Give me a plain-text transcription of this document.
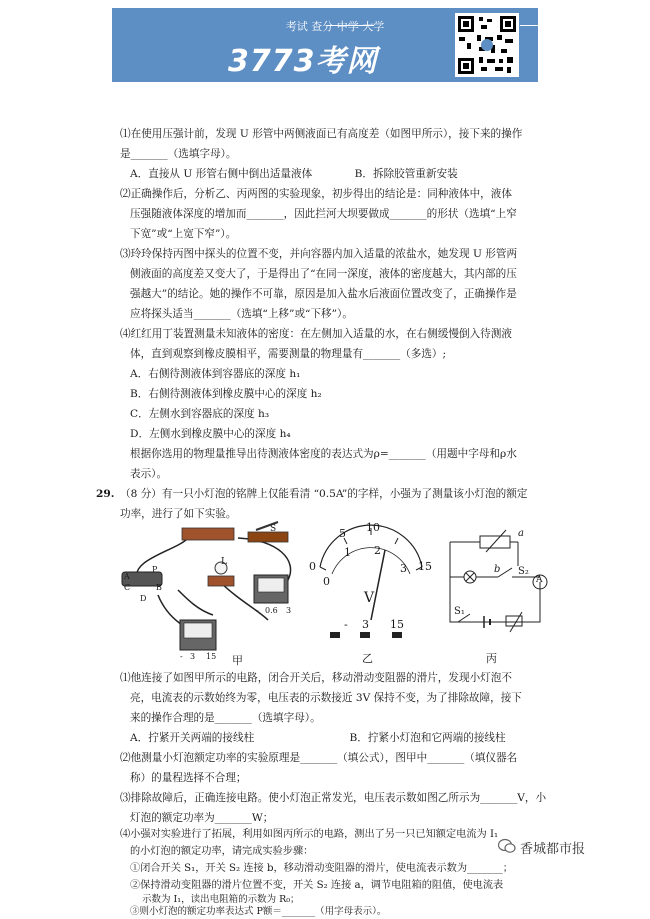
考试 查分 中学 大学
3773考网
⑴在使用压强计前，发现 U 形管中两侧液面已有高度差（如图甲所示），接下来的操作
是_______（选填字母）。
A．直接从 U 形管右侧中倒出适量液体　　　　B．拆除胶管重新安装
⑵正确操作后，分析乙、丙两图的实验现象，初步得出的结论是：同种液体中，液体
压强随液体深度的增加而_______，因此拦河大坝要做成_______的形状（选填“上窄
下宽”或“上宽下窄”）。
⑶玲玲保持丙图中探头的位置不变，并向容器内加入适量的浓盐水，她发现 U 形管两
侧液面的高度差又变大了，于是得出了“在同一深度，液体的密度越大，其内部的压
强越大”的结论。她的操作不可靠，原因是加入盐水后液面位置改变了，正确操作是
应将探头适当_______（选填“上移”或“下移”）。
⑷红红用丁装置测量未知液体的密度：在左侧加入适量的水，在右侧缓慢倒入待测液
体，直到观察到橡皮膜相平，需要测量的物理量有_______（多选）;
A．右侧待测液体到容器底的深度 h₁
B．右侧待测液体到橡皮膜中心的深度 h₂
C．左侧水到容器底的深度 h₃
D．左侧水到橡皮膜中心的深度 h₄
根据你选用的物理量推导出待测液体密度的表达式为ρ=_______（用题中字母和ρ水
表示）。
29. （8 分）有一只小灯泡的铭牌上仅能看清 “0.5A”的字样，小强为了测量该小灯泡的额定
功率，进行了如下实验。
S
L
P
A
C	B
D
- 0.6 3
- 3 15 甲
0
5 10
15
1 2
3
0
V
- 3 15
乙
a
b S₂
A
S₁
丙
⑴他连接了如图甲所示的电路，闭合开关后，移动滑动变阻器的滑片，发现小灯泡不
亮，电流表的示数始终为零，电压表的示数接近 3V 保持不变，为了排除故障，接下
来的操作合理的是_______（选填字母）。
A．拧紧开关两端的接线柱　　　　　　　　　B．拧紧小灯泡和它两端的接线柱
⑵他测量小灯泡额定功率的实验原理是_______（填公式），图甲中_______（填仪器名
称）的量程选择不合理；
⑶排除故障后，正确连接电路。使小灯泡正常发光，电压表示数如图乙所示为_______V，小
灯泡的额定功率为_______W；
⑷小强对实验进行了拓展，利用如图丙所示的电路，测出了另一只已知额定电流为 I₁
的小灯泡的额定功率，请完成实验步骤：
①闭合开关 S₁，开关 S₂ 连接 b，移动滑动变阻器的滑片，使电流表示数为_______；
②保持滑动变阻器的滑片位置不变，开关 S₂ 连接 a，调节电阻箱的阻值，使电流表
示数为 I₁，读出电阻箱的示数为 R₀；
③则小灯泡的额定功率表达式 P额＝_______（用字母表示）。
香城都市报
